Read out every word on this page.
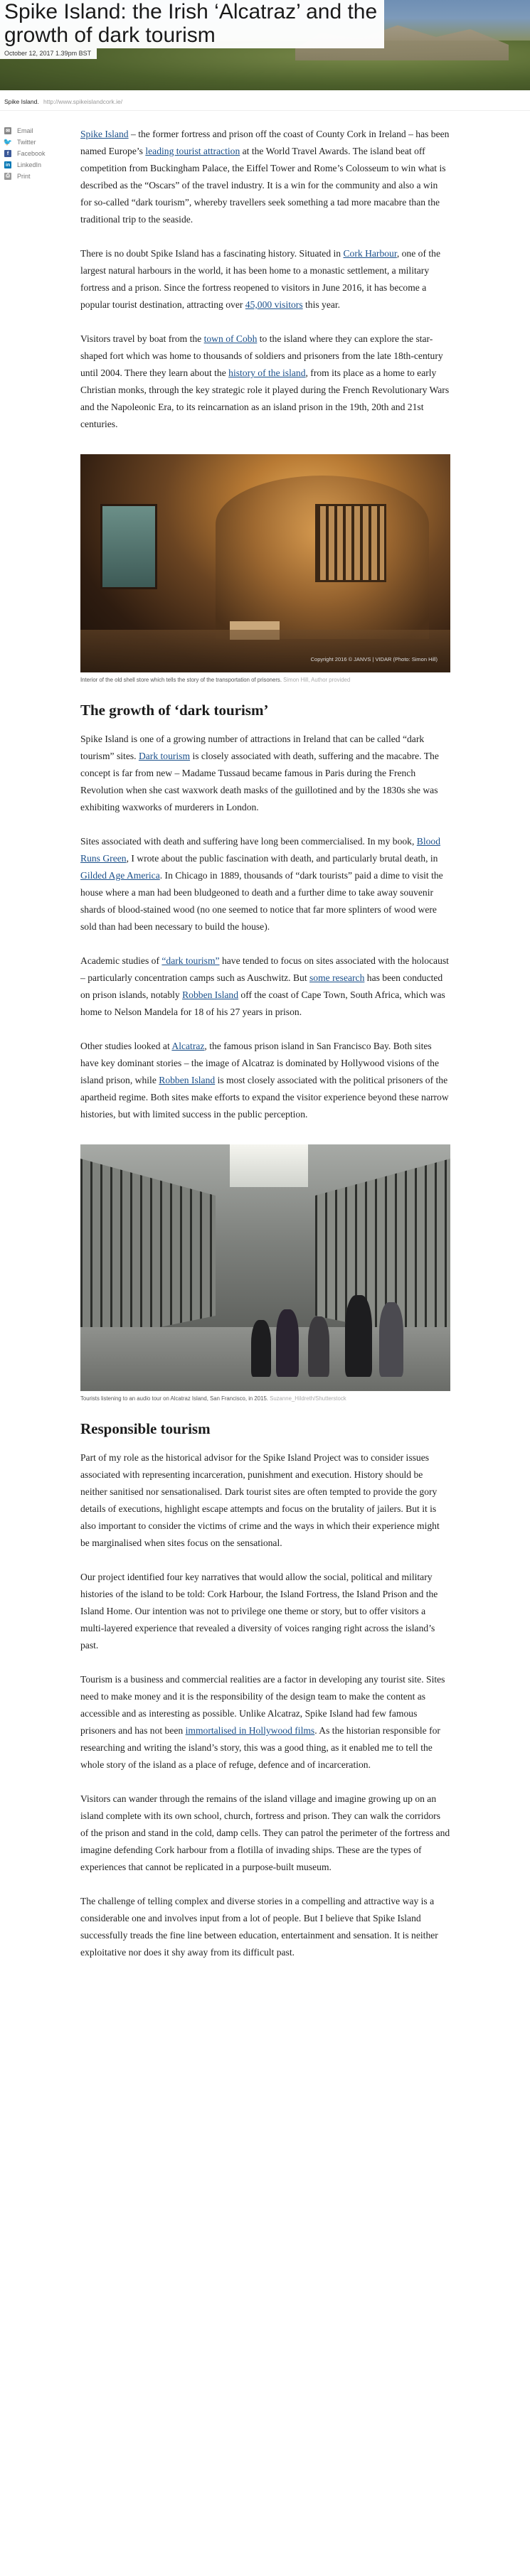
Spike Island: the Irish ‘Alcatraz’ and the
growth of dark tourism
October 12, 2017 1.39pm BST
Spike Island. http://www.spikeislandcork.ie/
✉ Email
🐦 Twitter
f	Facebook
in LinkedIn
⎙ Print

Spike Island – the former fortress and prison off the coast of County Cork in Ireland – has been named Europe’s leading tourist attraction at the World Travel Awards. The island beat off competition from Buckingham Palace, the Eiffel Tower and Rome’s Colosseum to win what is described as the “Oscars” of the travel industry. It is a win for the community and also a win for so-called “dark tourism”, whereby travellers seek something a tad more macabre than the traditional trip to the seaside.

There is no doubt Spike Island has a fascinating history. Situated in Cork Harbour, one of the largest natural harbours in the world, it has been home to a monastic settlement, a military fortress and a prison. Since the fortress reopened to visitors in June 2016, it has become a popular tourist destination, attracting over 45,000 visitors this year.

Visitors travel by boat from the town of Cobh to the island where they can explore the star-shaped fort which was home to thousands of soldiers and prisoners from the late 18th-century until 2004. There they learn about the history of the island, from its place as a home to early Christian monks, through the key strategic role it played during the French Revolutionary Wars and the Napoleonic Era, to its reincarnation as an island prison in the 19th, 20th and 21st centuries.

Copyright 2016 © JANVS | VIDAR (Photo: Simon Hill)
Interior of the old shell store which tells the story of the transportation of prisoners. Simon Hill, Author provided
The growth of ‘dark tourism’

Spike Island is one of a growing number of attractions in Ireland that can be called “dark tourism” sites. Dark tourism is closely associated with death, suffering and the macabre. The concept is far from new – Madame Tussaud became famous in Paris during the French Revolution when she cast waxwork death masks of the guillotined and by the 1830s she was exhibiting waxworks of murderers in London.

Sites associated with death and suffering have long been commercialised. In my book, Blood Runs Green, I wrote about the public fascination with death, and particularly brutal death, in Gilded Age America. In Chicago in 1889, thousands of “dark tourists” paid a dime to visit the house where a man had been bludgeoned to death and a further dime to take away souvenir shards of blood-stained wood (no one seemed to notice that far more splinters of wood were sold than had been necessary to build the house).

Academic studies of “dark tourism” have tended to focus on sites associated with the holocaust – particularly concentration camps such as Auschwitz. But some research has been conducted on prison islands, notably Robben Island off the coast of Cape Town, South Africa, which was home to Nelson Mandela for 18 of his 27 years in prison.

Other studies looked at Alcatraz, the famous prison island in San Francisco Bay. Both sites have key dominant stories – the image of Alcatraz is dominated by Hollywood visions of the island prison, while Robben Island is most closely associated with the political prisoners of the apartheid regime. Both sites make efforts to expand the visitor experience beyond these narrow histories, but with limited success in the public perception.

Tourists listening to an audio tour on Alcatraz Island, San Francisco, in 2015. Suzanne_Hildreth/Shutterstock
Responsible tourism

Part of my role as the historical advisor for the Spike Island Project was to consider issues associated with representing incarceration, punishment and execution. History should be neither sanitised nor sensationalised. Dark tourist sites are often tempted to provide the gory details of executions, highlight escape attempts and focus on the brutality of jailers. But it is also important to consider the victims of crime and the ways in which their experience might be marginalised when sites focus on the sensational.

Our project identified four key narratives that would allow the social, political and military histories of the island to be told: Cork Harbour, the Island Fortress, the Island Prison and the Island Home. Our intention was not to privilege one theme or story, but to offer visitors a multi-layered experience that revealed a diversity of voices ranging right across the island’s past.

Tourism is a business and commercial realities are a factor in developing any tourist site. Sites need to make money and it is the responsibility of the design team to make the content as accessible and as interesting as possible. Unlike Alcatraz, Spike Island had few famous prisoners and has not been immortalised in Hollywood films. As the historian responsible for researching and writing the island’s story, this was a good thing, as it enabled me to tell the whole story of the island as a place of refuge, defence and of incarceration.

Visitors can wander through the remains of the island village and imagine growing up on an island complete with its own school, church, fortress and prison. They can walk the corridors of the prison and stand in the cold, damp cells. They can patrol the perimeter of the fortress and imagine defending Cork harbour from a flotilla of invading ships. These are the types of experiences that cannot be replicated in a purpose-built museum.

The challenge of telling complex and diverse stories in a compelling and attractive way is a considerable one and involves input from a lot of people. But I believe that Spike Island successfully treads the fine line between education, entertainment and sensation. It is neither exploitative nor does it shy away from its difficult past.
